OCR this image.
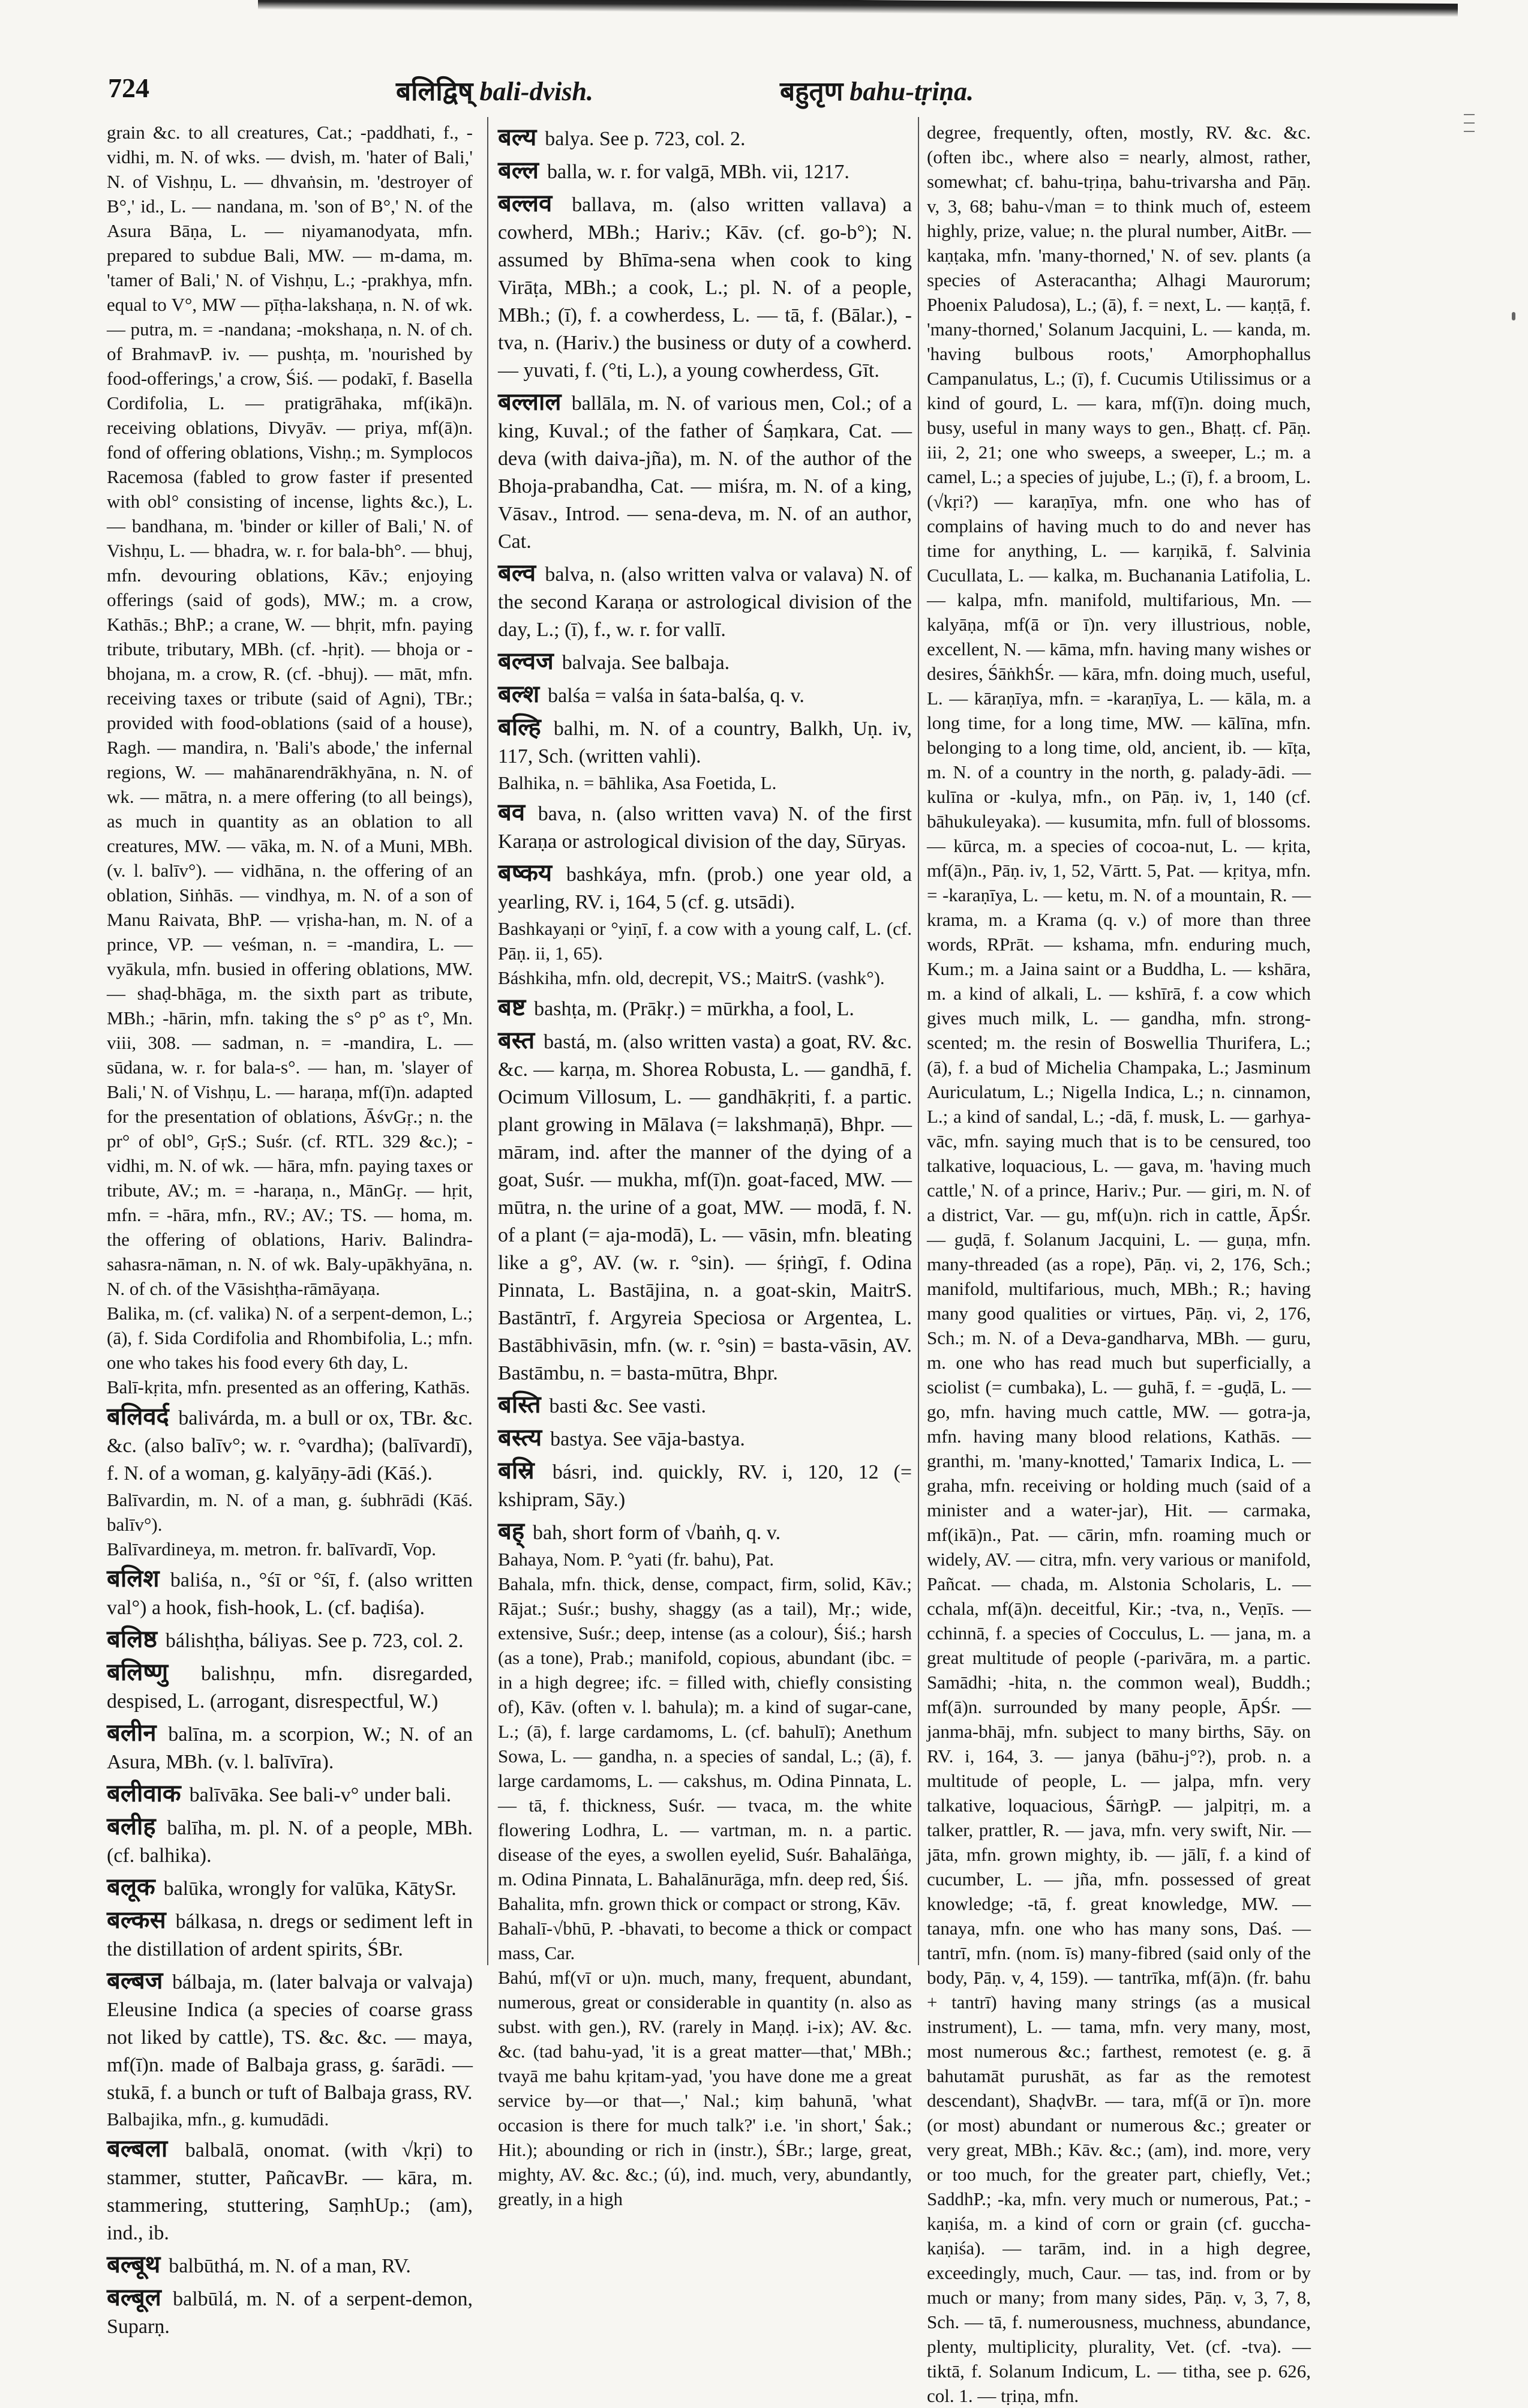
724	बलिद्विष् bali-dvish.	बहुतृण bahu-tṛiṇa.

grain &c. to all creatures, Cat.; -paddhati, f., -vidhi, m. N. of wks. — dvish, m. 'hater of Bali,' N. of Vishṇu, L. — dhvaṅsin, m. 'destroyer of B°,' id., L. — nandana, m. 'son of B°,' N. of the Asura Bāṇa, L. — niyamanodyata, mfn. prepared to subdue Bali, MW. — m-dama, m. 'tamer of Bali,' N. of Vishṇu, L.; -prakhya, mfn. equal to V°, MW — pīṭha-lakshaṇa, n. N. of wk. — putra, m. = -nandana; -mokshaṇa, n. N. of ch. of BrahmavP. iv. — pushṭa, m. 'nourished by food-offerings,' a crow, Śiś. — podakī, f. Basella Cordifolia, L. — pratigrāhaka, mf(ikā)n. receiving oblations, Divyāv. — priya, mf(ā)n. fond of offering oblations, Vishṇ.; m. Symplocos Racemosa (fabled to grow faster if presented with obl° consisting of incense, lights &c.), L. — bandhana, m. 'binder or killer of Bali,' N. of Vishṇu, L. — bhadra, w. r. for bala-bh°. — bhuj, mfn. devouring oblations, Kāv.; enjoying offerings (said of gods), MW.; m. a crow, Kathās.; BhP.; a crane, W. — bhṛit, mfn. paying tribute, tributary, MBh. (cf. -hṛit). — bhoja or -bhojana, m. a crow, R. (cf. -bhuj). — māt, mfn. receiving taxes or tribute (said of Agni), TBr.; provided with food-oblations (said of a house), Ragh. — mandira, n. 'Bali's abode,' the infernal regions, W. — mahānarendrākhyāna, n. N. of wk. — mātra, n. a mere offering (to all beings), as much in quantity as an oblation to all creatures, MW. — vāka, m. N. of a Muni, MBh. (v. l. balīv°). — vidhāna, n. the offering of an oblation, Siṅhās. — vindhya, m. N. of a son of Manu Raivata, BhP. — vṛisha-han, m. N. of a prince, VP. — veśman, n. = -mandira, L. — vyākula, mfn. busied in offering oblations, MW. — shaḍ-bhāga, m. the sixth part as tribute, MBh.; -hārin, mfn. taking the s° p° as t°, Mn. viii, 308. — sadman, n. = -mandira, L. — sūdana, w. r. for bala-s°. — han, m. 'slayer of Bali,' N. of Vishṇu, L. — haraṇa, mf(ī)n. adapted for the presentation of oblations, ĀśvGṛ.; n. the pr° of obl°, GṛS.; Suśr. (cf. RTL. 329 &c.); -vidhi, m. N. of wk. — hāra, mfn. paying taxes or tribute, AV.; m. = -haraṇa, n., MānGṛ. — hṛit, mfn. = -hāra, mfn., RV.; AV.; TS. — homa, m. the offering of oblations, Hariv. Balindra-sahasra-nāman, n. N. of wk. Baly-upākhyāna, n. N. of ch. of the Vāsishṭha-rāmāyaṇa.

Balika, m. (cf. valika) N. of a serpent-demon, L.; (ā), f. Sida Cordifolia and Rhombifolia, L.; mfn. one who takes his food every 6th day, L.

Balī-kṛita, mfn. presented as an offering, Kathās.

बलिवर्द balivárda, m. a bull or ox, TBr. &c. &c. (also balīv°; w. r. °vardha); (balīvardī), f. N. of a woman, g. kalyāṇy-ādi (Kāś.).

Balīvardin, m. N. of a man, g. śubhrādi (Kāś. balīv°).

Balīvardineya, m. metron. fr. balīvardī, Vop.

बलिश baliśa, n., °śī or °śī, f. (also written val°) a hook, fish-hook, L. (cf. baḍiśa).

बलिष्ठ bálishṭha, báliyas. See p. 723, col. 2.

बलिष्णु balishṇu, mfn. disregarded, despised, L. (arrogant, disrespectful, W.)

बलीन balīna, m. a scorpion, W.; N. of an Asura, MBh. (v. l. balīvīra).

बलीवाक balīvāka. See bali-v° under bali.

बलीह balīha, m. pl. N. of a people, MBh. (cf. balhika).

बलूक balūka, wrongly for valūka, KātySr.

बल्कस bálkasa, n. dregs or sediment left in the distillation of ardent spirits, ŚBr.

बल्बज bálbaja, m. (later balvaja or valvaja) Eleusine Indica (a species of coarse grass not liked by cattle), TS. &c. &c. — maya, mf(ī)n. made of Balbaja grass, g. śarādi. — stukā, f. a bunch or tuft of Balbaja grass, RV.

Balbajika, mfn., g. kumudādi.

बल्बला balbalā, onomat. (with √kṛi) to stammer, stutter, PañcavBr. — kāra, m. stammering, stuttering, SaṃhUp.; (am), ind., ib.

बल्बूथ balbūthá, m. N. of a man, RV.

बल्बूल balbūlá, m. N. of a serpent-demon, Suparṇ.

बल्य balya. See p. 723, col. 2.

बल्ल balla, w. r. for valgā, MBh. vii, 1217.

बल्लव ballava, m. (also written vallava) a cowherd, MBh.; Hariv.; Kāv. (cf. go-b°); N. assumed by Bhīma-sena when cook to king Virāṭa, MBh.; a cook, L.; pl. N. of a people, MBh.; (ī), f. a cowherdess, L. — tā, f. (Bālar.), -tva, n. (Hariv.) the business or duty of a cowherd. — yuvati, f. (°ti, L.), a young cowherdess, Gīt.

बल्लाल ballāla, m. N. of various men, Col.; of a king, Kuval.; of the father of Śaṃkara, Cat. — deva (with daiva-jña), m. N. of the author of the Bhoja-prabandha, Cat. — miśra, m. N. of a king, Vāsav., Introd. — sena-deva, m. N. of an author, Cat.

बल्व balva, n. (also written valva or valava) N. of the second Karaṇa or astrological division of the day, L.; (ī), f., w. r. for vallī.

बल्वज balvaja. See balbaja.

बल्श balśa = valśa in śata-balśa, q. v.

बल्हि balhi, m. N. of a country, Balkh, Uṇ. iv, 117, Sch. (written vahli).

Balhika, n. = bāhlika, Asa Foetida, L.

बव bava, n. (also written vava) N. of the first Karaṇa or astrological division of the day, Sūryas.

बष्कय bashkáya, mfn. (prob.) one year old, a yearling, RV. i, 164, 5 (cf. g. utsādi).

Bashkayaṇi or °yiṇī, f. a cow with a young calf, L. (cf. Pāṇ. ii, 1, 65).

Báshkiha, mfn. old, decrepit, VS.; MaitrS. (vashk°).

बष्ट bashṭa, m. (Prākṛ.) = mūrkha, a fool, L.

बस्त bastá, m. (also written vasta) a goat, RV. &c. &c. — karṇa, m. Shorea Robusta, L. — gandhā, f. Ocimum Villosum, L. — gandhākṛiti, f. a partic. plant growing in Mālava (= lakshmaṇā), Bhpr. — māram, ind. after the manner of the dying of a goat, Suśr. — mukha, mf(ī)n. goat-faced, MW. — mūtra, n. the urine of a goat, MW. — modā, f. N. of a plant (= aja-modā), L. — vāsin, mfn. bleating like a g°, AV. (w. r. °sin). — śṛiṅgī, f. Odina Pinnata, L. Bastājina, n. a goat-skin, MaitrS. Bastāntrī, f. Argyreia Speciosa or Argentea, L. Bastābhivāsin, mfn. (w. r. °sin) = basta-vāsin, AV. Bastāmbu, n. = basta-mūtra, Bhpr.

बस्ति basti &c. See vasti.

बस्त्य bastya. See vāja-bastya.

बस्रि básri, ind. quickly, RV. i, 120, 12 (= kshipram, Sāy.)

बह् bah, short form of √baṅh, q. v.

Bahaya, Nom. P. °yati (fr. bahu), Pat.

Bahala, mfn. thick, dense, compact, firm, solid, Kāv.; Rājat.; Suśr.; bushy, shaggy (as a tail), Mṛ.; wide, extensive, Suśr.; deep, intense (as a colour), Śiś.; harsh (as a tone), Prab.; manifold, copious, abundant (ibc. = in a high degree; ifc. = filled with, chiefly consisting of), Kāv. (often v. l. bahula); m. a kind of sugar-cane, L.; (ā), f. large cardamoms, L. (cf. bahulī); Anethum Sowa, L. — gandha, n. a species of sandal, L.; (ā), f. large cardamoms, L. — cakshus, m. Odina Pinnata, L. — tā, f. thickness, Suśr. — tvaca, m. the white flowering Lodhra, L. — vartman, m. n. a partic. disease of the eyes, a swollen eyelid, Suśr. Bahalāṅga, m. Odina Pinnata, L. Bahalānurāga, mfn. deep red, Śiś.

Bahalita, mfn. grown thick or compact or strong, Kāv.

Bahalī-√bhū, P. -bhavati, to become a thick or compact mass, Car.

Bahú, mf(vī or u)n. much, many, frequent, abundant, numerous, great or considerable in quantity (n. also as subst. with gen.), RV. (rarely in Maṇḍ. i-ix); AV. &c. &c. (tad bahu-yad, 'it is a great matter—that,' MBh.; tvayā me bahu kṛitam-yad, 'you have done me a great service by—or that—,' Nal.; kiṃ bahunā, 'what occasion is there for much talk?' i.e. 'in short,' Śak.; Hit.); abounding or rich in (instr.), ŚBr.; large, great, mighty, AV. &c. &c.; (ú), ind. much, very, abundantly, greatly, in a high

degree, frequently, often, mostly, RV. &c. &c. (often ibc., where also = nearly, almost, rather, somewhat; cf. bahu-tṛiṇa, bahu-trivarsha and Pāṇ. v, 3, 68; bahu-√man = to think much of, esteem highly, prize, value; n. the plural number, AitBr. — kaṇṭaka, mfn. 'many-thorned,' N. of sev. plants (a species of Asteracantha; Alhagi Maurorum; Phoenix Paludosa), L.; (ā), f. = next, L. — kaṇṭā, f. 'many-thorned,' Solanum Jacquini, L. — kanda, m. 'having bulbous roots,' Amorphophallus Campanulatus, L.; (ī), f. Cucumis Utilissimus or a kind of gourd, L. — kara, mf(ī)n. doing much, busy, useful in many ways to gen., Bhaṭṭ. cf. Pāṇ. iii, 2, 21; one who sweeps, a sweeper, L.; m. a camel, L.; a species of jujube, L.; (ī), f. a broom, L. (√kṛi?) — karaṇīya, mfn. one who has of complains of having much to do and never has time for anything, L. — karṇikā, f. Salvinia Cucullata, L. — kalka, m. Buchanania Latifolia, L. — kalpa, mfn. manifold, multifarious, Mn. — kalyāṇa, mf(ā or ī)n. very illustrious, noble, excellent, N. — kāma, mfn. having many wishes or desires, ŚāṅkhŚr. — kāra, mfn. doing much, useful, L. — kāraṇīya, mfn. = -karaṇīya, L. — kāla, m. a long time, for a long time, MW. — kālīna, mfn. belonging to a long time, old, ancient, ib. — kīṭa, m. N. of a country in the north, g. palady-ādi. — kulīna or -kulya, mfn., on Pāṇ. iv, 1, 140 (cf. bāhukuleyaka). — kusumita, mfn. full of blossoms. — kūrca, m. a species of cocoa-nut, L. — kṛita, mf(ā)n., Pāṇ. iv, 1, 52, Vārtt. 5, Pat. — kṛitya, mfn. = -karaṇīya, L. — ketu, m. N. of a mountain, R. — krama, m. a Krama (q. v.) of more than three words, RPrāt. — kshama, mfn. enduring much, Kum.; m. a Jaina saint or a Buddha, L. — kshāra, m. a kind of alkali, L. — kshīrā, f. a cow which gives much milk, L. — gandha, mfn. strong-scented; m. the resin of Boswellia Thurifera, L.; (ā), f. a bud of Michelia Champaka, L.; Jasminum Auriculatum, L.; Nigella Indica, L.; n. cinnamon, L.; a kind of sandal, L.; -dā, f. musk, L. — garhya-vāc, mfn. saying much that is to be censured, too talkative, loquacious, L. — gava, m. 'having much cattle,' N. of a prince, Hariv.; Pur. — giri, m. N. of a district, Var. — gu, mf(u)n. rich in cattle, ĀpŚr. — guḍā, f. Solanum Jacquini, L. — guṇa, mfn. many-threaded (as a rope), Pāṇ. vi, 2, 176, Sch.; manifold, multifarious, much, MBh.; R.; having many good qualities or virtues, Pāṇ. vi, 2, 176, Sch.; m. N. of a Deva-gandharva, MBh. — guru, m. one who has read much but superficially, a sciolist (= cumbaka), L. — guhā, f. = -guḍā, L. — go, mfn. having much cattle, MW. — gotra-ja, mfn. having many blood relations, Kathās. — granthi, m. 'many-knotted,' Tamarix Indica, L. — graha, mfn. receiving or holding much (said of a minister and a water-jar), Hit. — carmaka, mf(ikā)n., Pat. — cārin, mfn. roaming much or widely, AV. — citra, mfn. very various or manifold, Pañcat. — chada, m. Alstonia Scholaris, L. — cchala, mf(ā)n. deceitful, Kir.; -tva, n., Veṇīs. — cchinnā, f. a species of Cocculus, L. — jana, m. a great multitude of people (-parivāra, m. a partic. Samādhi; -hita, n. the common weal), Buddh.; mf(ā)n. surrounded by many people, ĀpŚr. — janma-bhāj, mfn. subject to many births, Sāy. on RV. i, 164, 3. — janya (bāhu-j°?), prob. n. a multitude of people, L. — jalpa, mfn. very talkative, loquacious, ŚārṅgP. — jalpitṛi, m. a talker, prattler, R. — java, mfn. very swift, Nir. — jāta, mfn. grown mighty, ib. — jālī, f. a kind of cucumber, L. — jña, mfn. possessed of great knowledge; -tā, f. great knowledge, MW. — tanaya, mfn. one who has many sons, Daś. — tantrī, mfn. (nom. īs) many-fibred (said only of the body, Pāṇ. v, 4, 159). — tantrīka, mf(ā)n. (fr. bahu + tantrī) having many strings (as a musical instrument), L. — tama, mfn. very many, most, most numerous &c.; farthest, remotest (e. g. ā bahutamāt purushāt, as far as the remotest descendant), ShaḍvBr. — tara, mf(ā or ī)n. more (or most) abundant or numerous &c.; greater or very great, MBh.; Kāv. &c.; (am), ind. more, very or too much, for the greater part, chiefly, Vet.; SaddhP.; -ka, mfn. very much or numerous, Pat.; -kaṇiśa, m. a kind of corn or grain (cf. guccha-kaṇiśa). — tarām, ind. in a high degree, exceedingly, much, Caur. — tas, ind. from or by much or many; from many sides, Pāṇ. v, 3, 7, 8, Sch. — tā, f. numerousness, muchness, abundance, plenty, multiplicity, plurality, Vet. (cf. -tva). — tiktā, f. Solanum Indicum, L. — titha, see p. 626, col. 1. — tṛiṇa, mfn.
